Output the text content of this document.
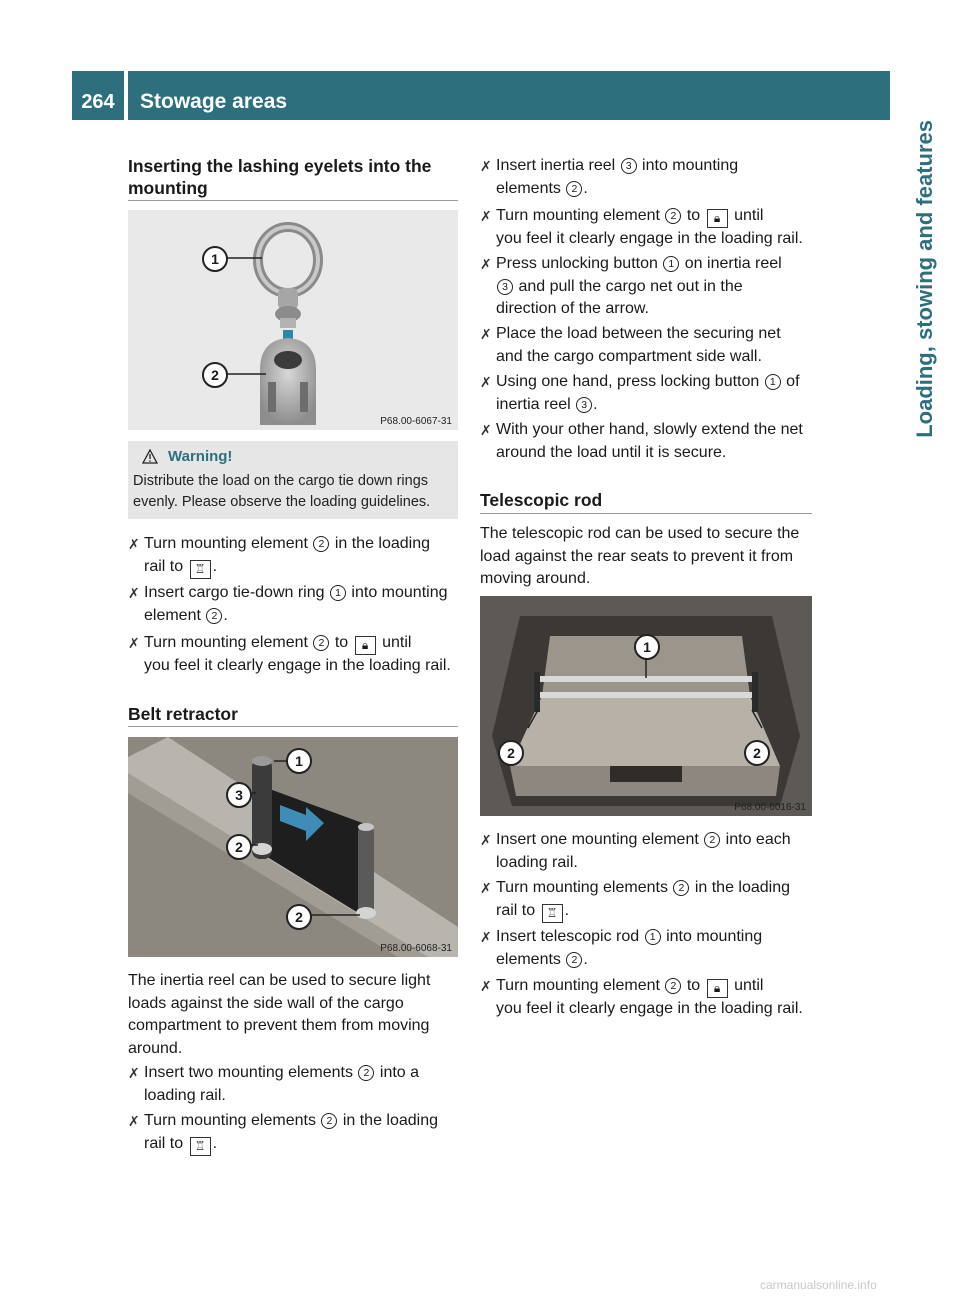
264	Stowage areas
Loading, stowing and features
Inserting the lashing eyelets into the
mounting
1
2
P68.00-6067-31
Warning!
Distribute the load on the cargo tie down rings
evenly. Please observe the loading guidelines.
✗ Turn mounting element 2 in the loading
rail to ♖ .
✗ Insert cargo tie-down ring 1 into mounting
element 2 .
✗ Turn mounting element 2 to 🔒︎ until
you feel it clearly engage in the loading rail.
Belt retractor
1
3
2
2
P68.00-6068-31
The inertia reel can be used to secure light
loads against the side wall of the cargo
compartment to prevent them from moving
around.
✗ Insert two mounting elements 2 into a
loading rail.
✗ Turn mounting elements 2 in the loading
rail to ♖ .
✗ Insert inertia reel 3 into mounting
elements 2 .
✗ Turn mounting element 2 to 🔒︎ until
you feel it clearly engage in the loading rail.
✗ Press unlocking button 1 on inertia reel
3 and pull the cargo net out in the
direction of the arrow.
✗ Place the load between the securing net
and the cargo compartment side wall.
✗ Using one hand, press locking button 1 of
inertia reel 3 .
✗ With your other hand, slowly extend the net
around the load until it is secure.
Telescopic rod
The telescopic rod can be used to secure the
load against the rear seats to prevent it from
moving around.
1
2	2
P68.00-6016-31
✗ Insert one mounting element 2 into each
loading rail.
✗ Turn mounting elements 2 in the loading
rail to ♖ .
✗ Insert telescopic rod 1 into mounting
elements 2 .
✗ Turn mounting element 2 to 🔒︎ until
you feel it clearly engage in the loading rail.
carmanualsonline.info
